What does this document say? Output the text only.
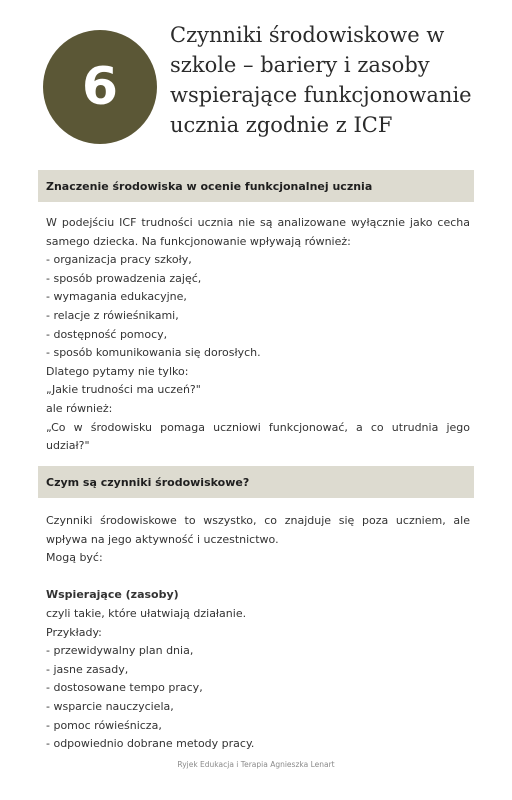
6
Czynniki środowiskowe w szkole – bariery i zasoby wspierające funkcjonowanie ucznia zgodnie z ICF
Znaczenie środowiska w ocenie funkcjonalnej ucznia

W podejściu ICF trudności ucznia nie są analizowane wyłącznie jako cecha samego dziecka. Na funkcjonowanie wpływają również:

- organizacja pracy szkoły,
- sposób prowadzenia zajęć,
- wymagania edukacyjne,
- relacje z rówieśnikami,
- dostępność pomocy,
- sposób komunikowania się dorosłych.

Dlatego pytamy nie tylko:

„Jakie trudności ma uczeń?"

ale również:

„Co w środowisku pomaga uczniowi funkcjonować, a co utrudnia jego udział?"

Czym są czynniki środowiskowe?

Czynniki środowiskowe to wszystko, co znajduje się poza uczniem, ale wpływa na jego aktywność i uczestnictwo.

Mogą być:

Wspierające (zasoby)

czyli takie, które ułatwiają działanie.

Przykłady:

- przewidywalny plan dnia,
- jasne zasady,
- dostosowane tempo pracy,
- wsparcie nauczyciela,
- pomoc rówieśnicza,
- odpowiednio dobrane metody pracy.
Ryjek Edukacja i Terapia Agnieszka Lenart
